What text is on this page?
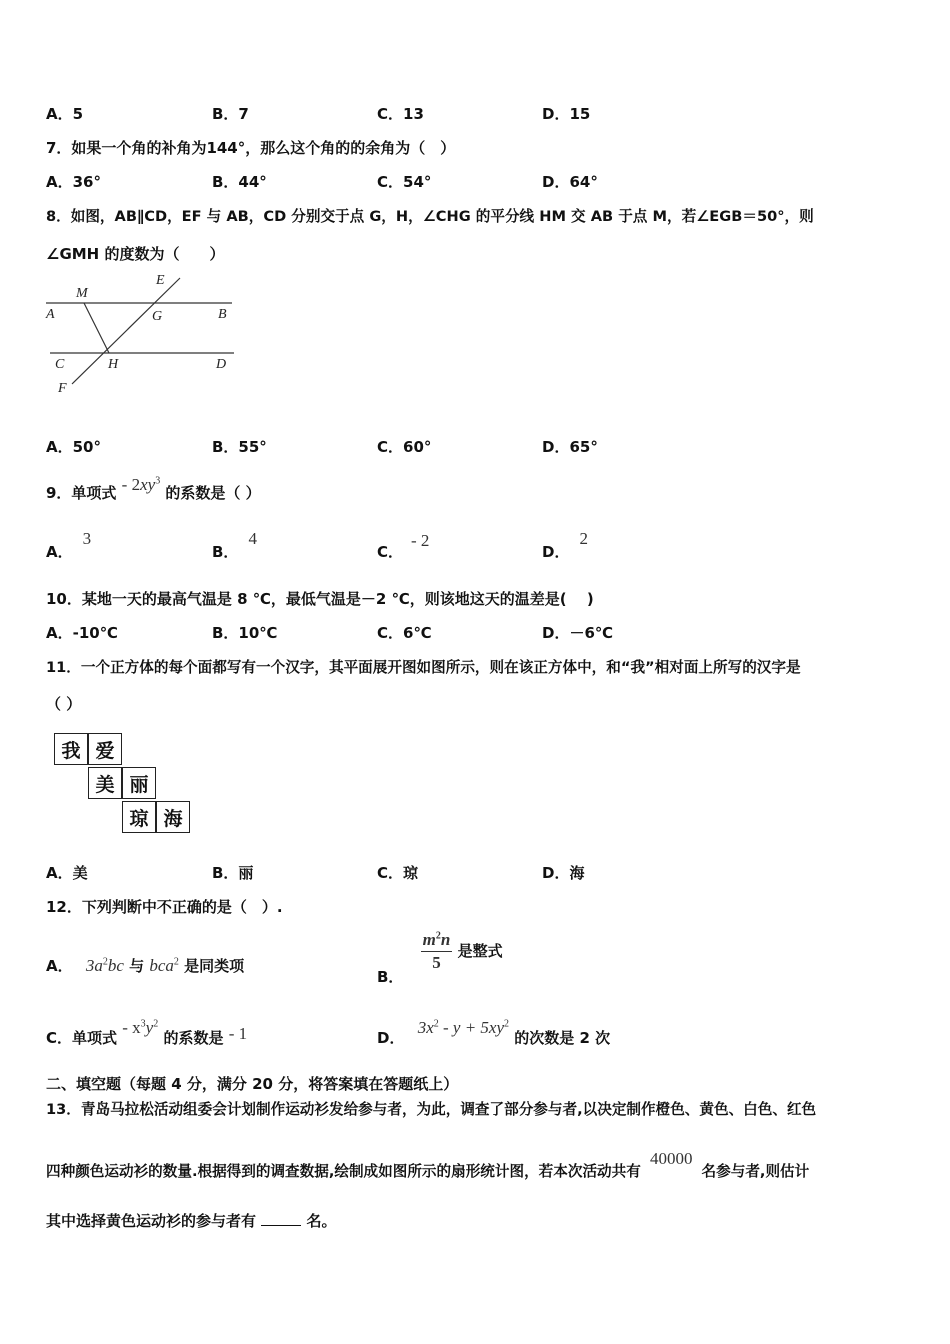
A．5	B．7	C．13	D．15
7．如果一个角的补角为144°，那么这个角的的余角为（　）
A．36°	B．44°	C．54°	D．64°
8．如图，AB∥CD，EF 与 AB，CD 分别交于点 G，H，∠CHG 的平分线 HM 交 AB 于点 M，若∠EGB＝50°，则
∠GMH 的度数为（　　）
M
E
A	G	B
C	H	D
F
A．50°	B．55°	C．60°	D．65°
9．单项式 - $2xy^3$ 的系数是（ ）
A．3
B．4
C．- 2
D．2
10．某地一天的最高气温是 8 ℃，最低气温是－2 ℃，则该地这天的温差是(　 )
A．-10℃	B．10℃	C．6℃	D．－6℃
11．一个正方体的每个面都写有一个汉字，其平面展开图如图所示，则在该正方体中，和“我”相对面上所写的汉字是
（ ）
我 爱
美 丽
琼 海
A．美	B．丽	C．琼	D．海
12．下列判断中不正确的是（　）.
A． $3a^2bc$ 与 bca$^2$ 是同类项
B．
$\frac{m^2n}{5}$ 是整式
C．单项式 - $x^3y^2$ 的系数是 - 1	D． $3x^2 - y + 5xy^2$ 的次数是 2 次
二、填空题（每题 4 分，满分 20 分，将答案填在答题纸上）
13．青岛马拉松活动组委会计划制作运动衫发给参与者，为此，调查了部分参与者,以决定制作橙色、黄色、白色、红色
四种颜色运动衫的数量.根据得到的调查数据,绘制成如图所示的扇形统计图，若本次活动共有 40000 名参与者,则估计
其中选择黄色运动衫的参与者有	名。
